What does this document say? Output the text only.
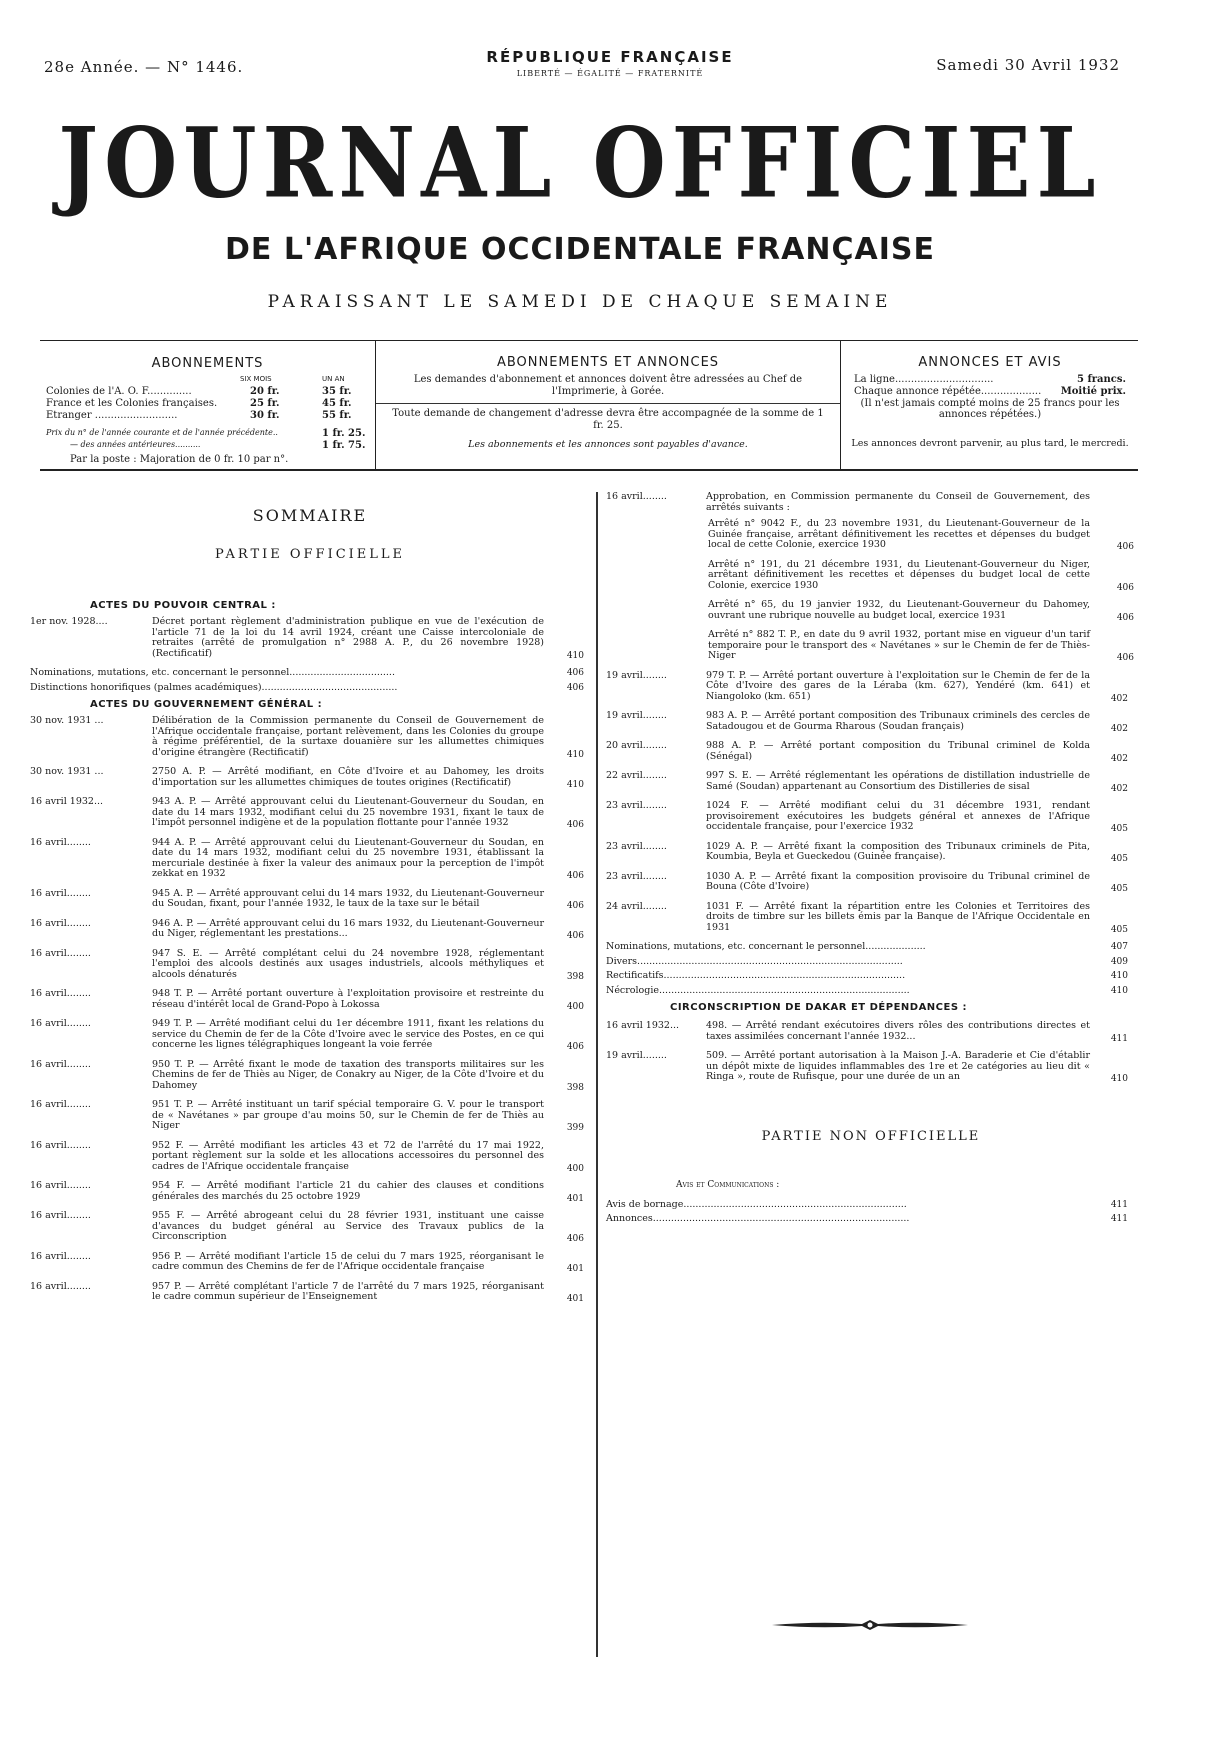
28e Année. — N° 1446.
RÉPUBLIQUE FRANÇAISE
LIBERTÉ — ÉGALITÉ — FRATERNITÉ	Samedi 30 Avril 1932
JOURNAL OFFICIEL
DE L'AFRIQUE OCCIDENTALE FRANÇAISE
PARAISSANT LE SAMEDI DE CHAQUE SEMAINE
ABONNEMENTS
SIX MOIS	UN AN
Colonies de l'A. O. F..............	20 fr.	35 fr.
France et les Colonies françaises.	25 fr.	45 fr.
Etranger ..........................	30 fr.	55 fr.
Prix du n° de l'année courante et de l'année précédente..	1 fr. 25.
— des années antérieures..........	1 fr. 75.
Par la poste : Majoration de 0 fr. 10 par n°.
ABONNEMENTS ET ANNONCES

Les demandes d'abonnement et annonces doivent être adressées au Chef de l'Imprimerie, à Gorée.

Toute demande de changement d'adresse devra être accompagnée de la somme de 1 fr. 25.

Les abonnements et les annonces sont payables d'avance.

ANNONCES ET AVIS
La ligne...............................	5 francs.
Chaque annonce répétée................... Moitié prix.

(Il n'est jamais compté moins de 25 francs pour les annonces répétées.)

Les annonces devront parvenir, au plus tard, le mercredi.

SOMMAIRE
PARTIE OFFICIELLE
ACTES DU POUVOIR CENTRAL :
1er nov. 1928....	Décret portant règlement d'administration publique en vue de l'exécution de l'article 71 de la loi du 14 avril 1924, créant une Caisse intercoloniale de retraites (arrêté de promulgation n° 2988 A. P., du 26 novembre 1928) (Rectificatif)	410
Nominations, mutations, etc. concernant le personnel...................................	406
Distinctions honorifiques (palmes académiques).............................................	406
ACTES DU GOUVERNEMENT GÉNÉRAL :
30 nov. 1931 ...	Délibération de la Commission permanente du Conseil de Gouvernement de l'Afrique occidentale française, portant relèvement, dans les Colonies du groupe à régime préférentiel, de la surtaxe douanière sur les allumettes chimiques d'origine étrangère (Rectificatif)	410
30 nov. 1931 ...	2750 A. P. — Arrêté modifiant, en Côte d'Ivoire et au Dahomey, les droits d'importation sur les allumettes chimiques de toutes origines (Rectificatif)	410
16 avril 1932...	943 A. P. — Arrêté approuvant celui du Lieutenant-Gouverneur du Soudan, en date du 14 mars 1932, modifiant celui du 25 novembre 1931, fixant le taux de l'impôt personnel indigène et de la population flottante pour l'année 1932	406
16 avril........	944 A. P. — Arrêté approuvant celui du Lieutenant-Gouverneur du Soudan, en date du 14 mars 1932, modifiant celui du 25 novembre 1931, établissant la mercuriale destinée à fixer la valeur des animaux pour la perception de l'impôt zekkat en 1932	406
16 avril........	945 A. P. — Arrêté approuvant celui du 14 mars 1932, du Lieutenant-Gouverneur du Soudan, fixant, pour l'année 1932, le taux de la taxe sur le bétail	406
16 avril........	946 A. P. — Arrêté approuvant celui du 16 mars 1932, du Lieutenant-Gouverneur du Niger, réglementant les prestations...	406
16 avril........	947 S. E. — Arrêté complétant celui du 24 novembre 1928, réglementant l'emploi des alcools destinés aux usages industriels, alcools méthyliques et alcools dénaturés	398
16 avril........	948 T. P. — Arrêté portant ouverture à l'exploitation provisoire et restreinte du réseau d'intérêt local de Grand-Popo à Lokossa	400
16 avril........	949 T. P. — Arrêté modifiant celui du 1er décembre 1911, fixant les relations du service du Chemin de fer de la Côte d'Ivoire avec le service des Postes, en ce qui concerne les lignes télégraphiques longeant la voie ferrée	406
16 avril........	950 T. P. — Arrêté fixant le mode de taxation des transports militaires sur les Chemins de fer de Thiès au Niger, de Conakry au Niger, de la Côte d'Ivoire et du Dahomey	398
16 avril........	951 T. P. — Arrêté instituant un tarif spécial temporaire G. V. pour le transport de « Navétanes » par groupe d'au moins 50, sur le Chemin de fer de Thiès au Niger	399
16 avril........	952 F. — Arrêté modifiant les articles 43 et 72 de l'arrêté du 17 mai 1922, portant règlement sur la solde et les allocations accessoires du personnel des cadres de l'Afrique occidentale française	400
16 avril........	954 F. — Arrêté modifiant l'article 21 du cahier des clauses et conditions générales des marchés du 25 octobre 1929	401
16 avril........	955 F. — Arrêté abrogeant celui du 28 février 1931, instituant une caisse d'avances du budget général au Service des Travaux publics de la Circonscription	406
16 avril........	956 P. — Arrêté modifiant l'article 15 de celui du 7 mars 1925, réorganisant le cadre commun des Chemins de fer de l'Afrique occidentale française	401
16 avril........	957 P. — Arrêté complétant l'article 7 de l'arrêté du 7 mars 1925, réorganisant le cadre commun supérieur de l'Enseignement	401
16 avril........	Approbation, en Commission permanente du Conseil de Gouvernement, des arrêtés suivants :
Arrêté n° 9042 F., du 23 novembre 1931, du Lieutenant-Gouverneur de la Guinée française, arrêtant définitivement les recettes et dépenses du budget local de cette Colonie, exercice 1930	406
Arrêté n° 191, du 21 décembre 1931, du Lieutenant-Gouverneur du Niger, arrêtant définitivement les recettes et dépenses du budget local de cette Colonie, exercice 1930	406
Arrêté n° 65, du 19 janvier 1932, du Lieutenant-Gouverneur du Dahomey, ouvrant une rubrique nouvelle au budget local, exercice 1931	406
Arrêté n° 882 T. P., en date du 9 avril 1932, portant mise en vigueur d'un tarif temporaire pour le transport des « Navétanes » sur le Chemin de fer de Thiès-Niger	406
19 avril........	979 T. P. — Arrêté portant ouverture à l'exploitation sur le Chemin de fer de la Côte d'Ivoire des gares de la Léraba (km. 627), Yendéré (km. 641) et Niangoloko (km. 651)	402
19 avril........	983 A. P. — Arrêté portant composition des Tribunaux criminels des cercles de Satadougou et de Gourma Rharous (Soudan français)	402
20 avril........	988 A. P. — Arrêté portant composition du Tribunal criminel de Kolda (Sénégal)	402
22 avril........	997 S. E. — Arrêté réglementant les opérations de distillation industrielle de Samé (Soudan) appartenant au Consortium des Distilleries de sisal	402
23 avril........	1024 F. — Arrêté modifiant celui du 31 décembre 1931, rendant provisoirement exécutoires les budgets général et annexes de l'Afrique occidentale française, pour l'exercice 1932	405
23 avril........	1029 A. P. — Arrêté fixant la composition des Tribunaux criminels de Pita, Koumbia, Beyla et Gueckedou (Guinée française).	405
23 avril........	1030 A. P. — Arrêté fixant la composition provisoire du Tribunal criminel de Bouna (Côte d'Ivoire)	405
24 avril........	1031 F. — Arrêté fixant la répartition entre les Colonies et Territoires des droits de timbre sur les billets émis par la Banque de l'Afrique Occidentale en 1931	405
Nominations, mutations, etc. concernant le personnel....................	407
Divers........................................................................................	409
Rectificatifs................................................................................	410
Nécrologie...................................................................................	410
CIRCONSCRIPTION DE DAKAR ET DÉPENDANCES :
16 avril 1932...	498. — Arrêté rendant exécutoires divers rôles des contributions directes et taxes assimilées concernant l'année 1932...	411
19 avril........	509. — Arrêté portant autorisation à la Maison J.-A. Baraderie et Cie d'établir un dépôt mixte de liquides inflammables des 1re et 2e catégories au lieu dit « Ringa », route de Rufisque, pour une durée de un an	410
PARTIE NON OFFICIELLE
Avis et Communications :
Avis de bornage..........................................................................	411
Annonces.....................................................................................	411
